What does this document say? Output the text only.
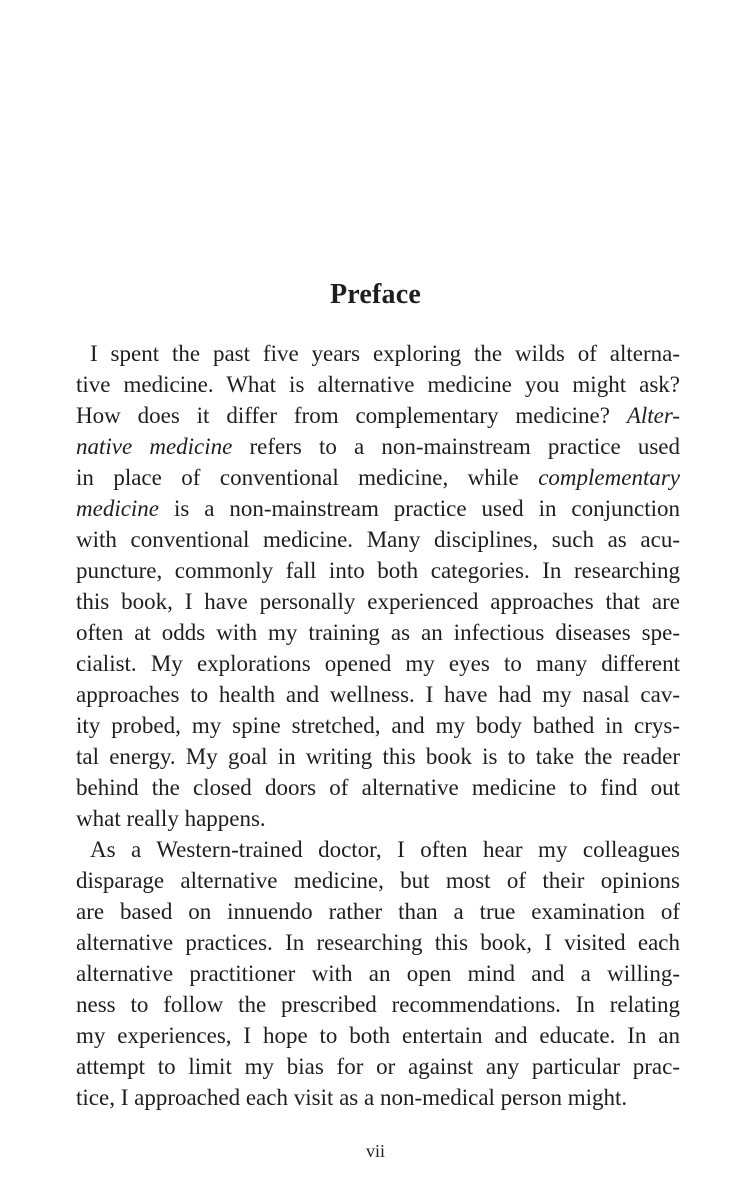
Preface
I spent the past five years exploring the wilds of alterna-
tive medicine. What is alternative medicine you might ask?
How does it differ from complementary medicine? Alter-
native medicine refers to a non-mainstream practice used
in place of conventional medicine, while complementary
medicine is a non-mainstream practice used in conjunction
with conventional medicine. Many disciplines, such as acu-
puncture, commonly fall into both categories. In researching
this book, I have personally experienced approaches that are
often at odds with my training as an infectious diseases spe-
cialist. My explorations opened my eyes to many different
approaches to health and wellness. I have had my nasal cav-
ity probed, my spine stretched, and my body bathed in crys-
tal energy. My goal in writing this book is to take the reader
behind the closed doors of alternative medicine to find out
what really happens.
As a Western-trained doctor, I often hear my colleagues
disparage alternative medicine, but most of their opinions
are based on innuendo rather than a true examination of
alternative practices. In researching this book, I visited each
alternative practitioner with an open mind and a willing-
ness to follow the prescribed recommendations. In relating
my experiences, I hope to both entertain and educate. In an
attempt to limit my bias for or against any particular prac-
tice, I approached each visit as a non-medical person might.
vii
